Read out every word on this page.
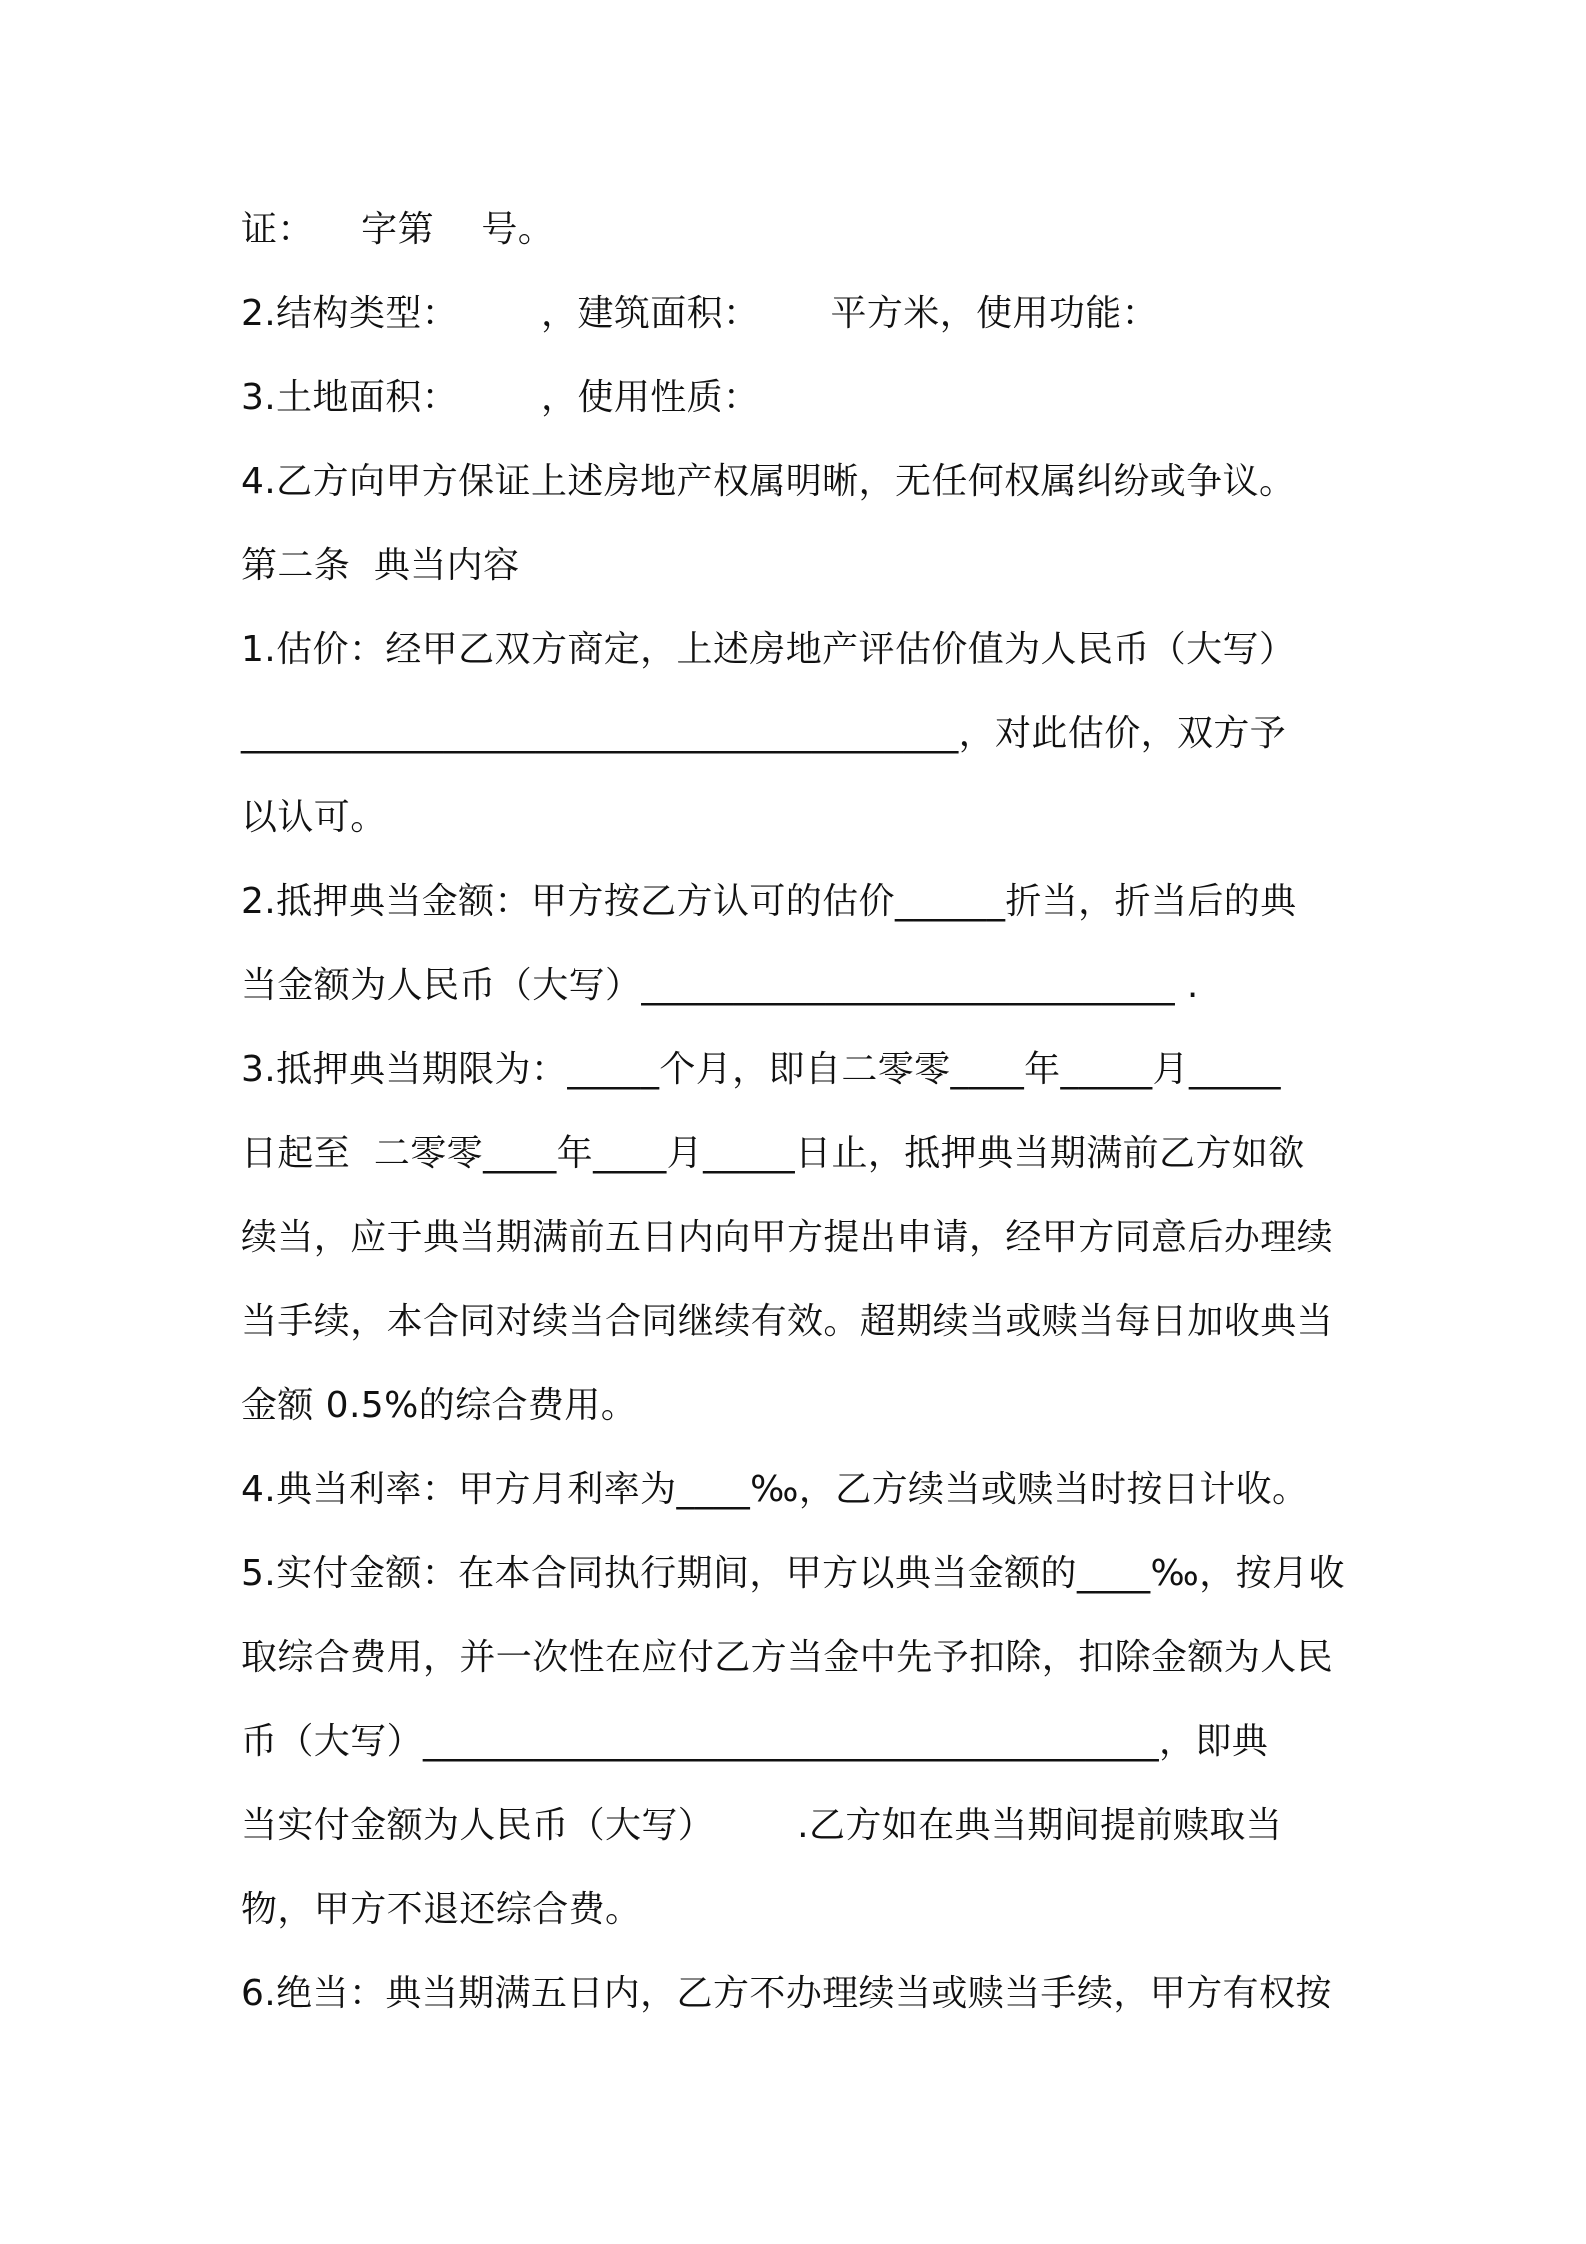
证：    字第    号。
2.结构类型：       ，建筑面积：      平方米，使用功能：
3.土地面积：       ，使用性质：
4.乙方向甲方保证上述房地产权属明晰，无任何权属纠纷或争议。
第二条  典当内容
1.估价：经甲乙双方商定，上述房地产评估价值为人民币（大写）
_______________________________________，对此估价，双方予
以认可。
2.抵押典当金额：甲方按乙方认可的估价______折当，折当后的典
当金额为人民币（大写）_____________________________ .
3.抵押典当期限为：_____个月，即自二零零____年_____月_____
日起至  二零零____年____月_____日止，抵押典当期满前乙方如欲
续当，应于典当期满前五日内向甲方提出申请，经甲方同意后办理续
当手续，本合同对续当合同继续有效。超期续当或赎当每日加收典当
金额 0.5%的综合费用。
4.典当利率：甲方月利率为____‰，乙方续当或赎当时按日计收。
5.实付金额：在本合同执行期间，甲方以典当金额的____‰，按月收
取综合费用，并一次性在应付乙方当金中先予扣除，扣除金额为人民
币（大写）________________________________________，即典
当实付金额为人民币（大写）       .乙方如在典当期间提前赎取当
物，甲方不退还综合费。
6.绝当：典当期满五日内，乙方不办理续当或赎当手续，甲方有权按
